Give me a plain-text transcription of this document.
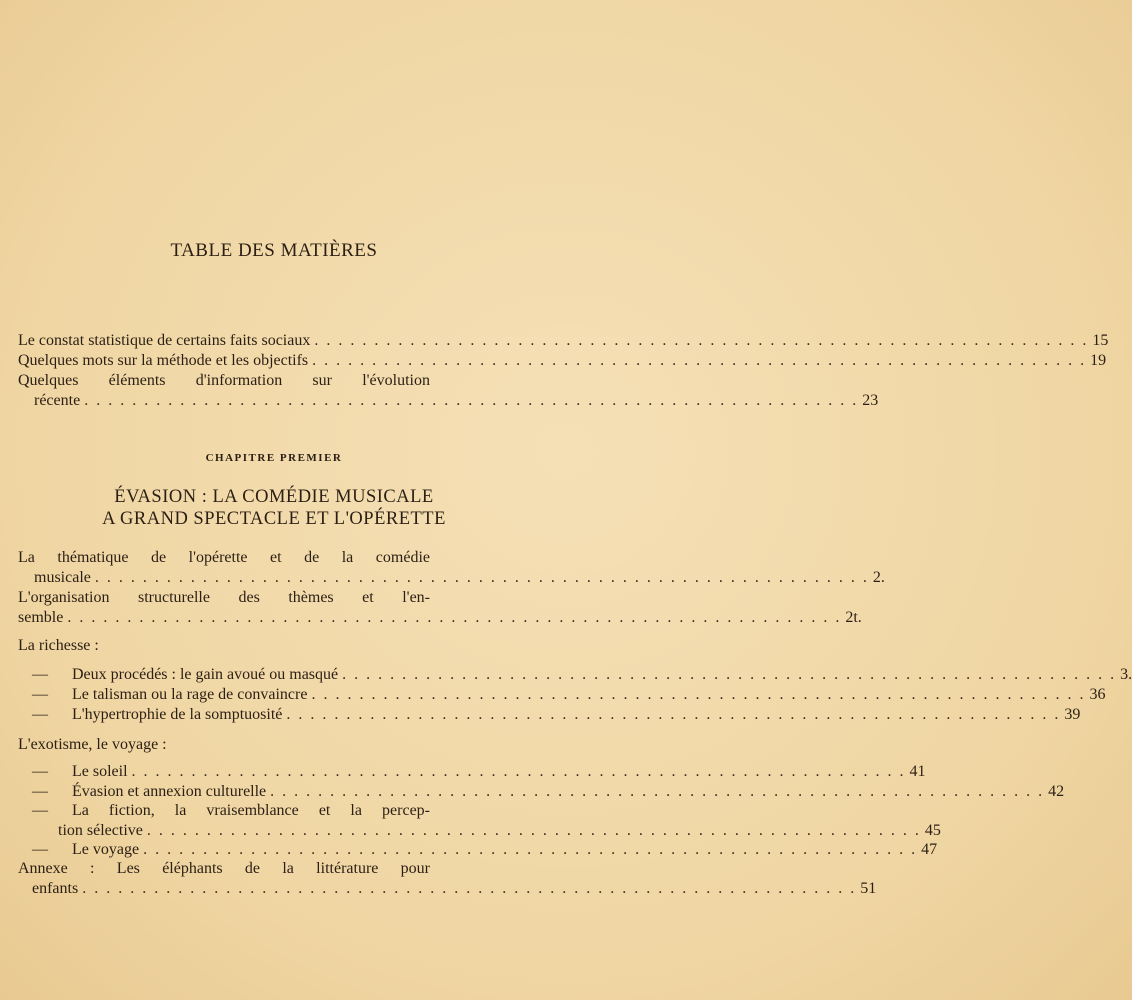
TABLE DES MATIÈRES
Le constat statistique de certains faits sociaux . . . . . . . . . . . . . . . . . . . . . . . . . . . . . . . . . . . . . . . . . . . . . . . . . . . . . . . . . . . . . . . . . 15
Quelques mots sur la méthode et les objectifs . . . . . . . . . . . . . . . . . . . . . . . . . . . . . . . . . . . . . . . . . . . . . . . . . . . . . . . . . . . . . . . . . 19
Quelques éléments d'information sur l'évolution
récente . . . . . . . . . . . . . . . . . . . . . . . . . . . . . . . . . . . . . . . . . . . . . . . . . . . . . . . . . . . . . . . . . 23
CHAPITRE PREMIER
ÉVASION : LA COMÉDIE MUSICALE
A GRAND SPECTACLE ET L'OPÉRETTE
La thématique de l'opérette et de la comédie
musicale . . . . . . . . . . . . . . . . . . . . . . . . . . . . . . . . . . . . . . . . . . . . . . . . . . . . . . . . . . . . . . . . . 2.
L'organisation structurelle des thèmes et l'en-
semble . . . . . . . . . . . . . . . . . . . . . . . . . . . . . . . . . . . . . . . . . . . . . . . . . . . . . . . . . . . . . . . . . 2t.
La richesse :
— Deux procédés : le gain avoué ou masqué . . . . . . . . . . . . . . . . . . . . . . . . . . . . . . . . . . . . . . . . . . . . . . . . . . . . . . . . . . . . . . . . . 3.
— Le talisman ou la rage de convaincre . . . . . . . . . . . . . . . . . . . . . . . . . . . . . . . . . . . . . . . . . . . . . . . . . . . . . . . . . . . . . . . . . 36
— L'hypertrophie de la somptuosité . . . . . . . . . . . . . . . . . . . . . . . . . . . . . . . . . . . . . . . . . . . . . . . . . . . . . . . . . . . . . . . . . 39
L'exotisme, le voyage :
— Le soleil . . . . . . . . . . . . . . . . . . . . . . . . . . . . . . . . . . . . . . . . . . . . . . . . . . . . . . . . . . . . . . . . . 41
— Évasion et annexion culturelle . . . . . . . . . . . . . . . . . . . . . . . . . . . . . . . . . . . . . . . . . . . . . . . . . . . . . . . . . . . . . . . . . 42
— La fiction, la vraisemblance et la percep-
tion sélective . . . . . . . . . . . . . . . . . . . . . . . . . . . . . . . . . . . . . . . . . . . . . . . . . . . . . . . . . . . . . . . . . 45
— Le voyage . . . . . . . . . . . . . . . . . . . . . . . . . . . . . . . . . . . . . . . . . . . . . . . . . . . . . . . . . . . . . . . . . 47
Annexe : Les éléphants de la littérature pour
enfants . . . . . . . . . . . . . . . . . . . . . . . . . . . . . . . . . . . . . . . . . . . . . . . . . . . . . . . . . . . . . . . . . 51
